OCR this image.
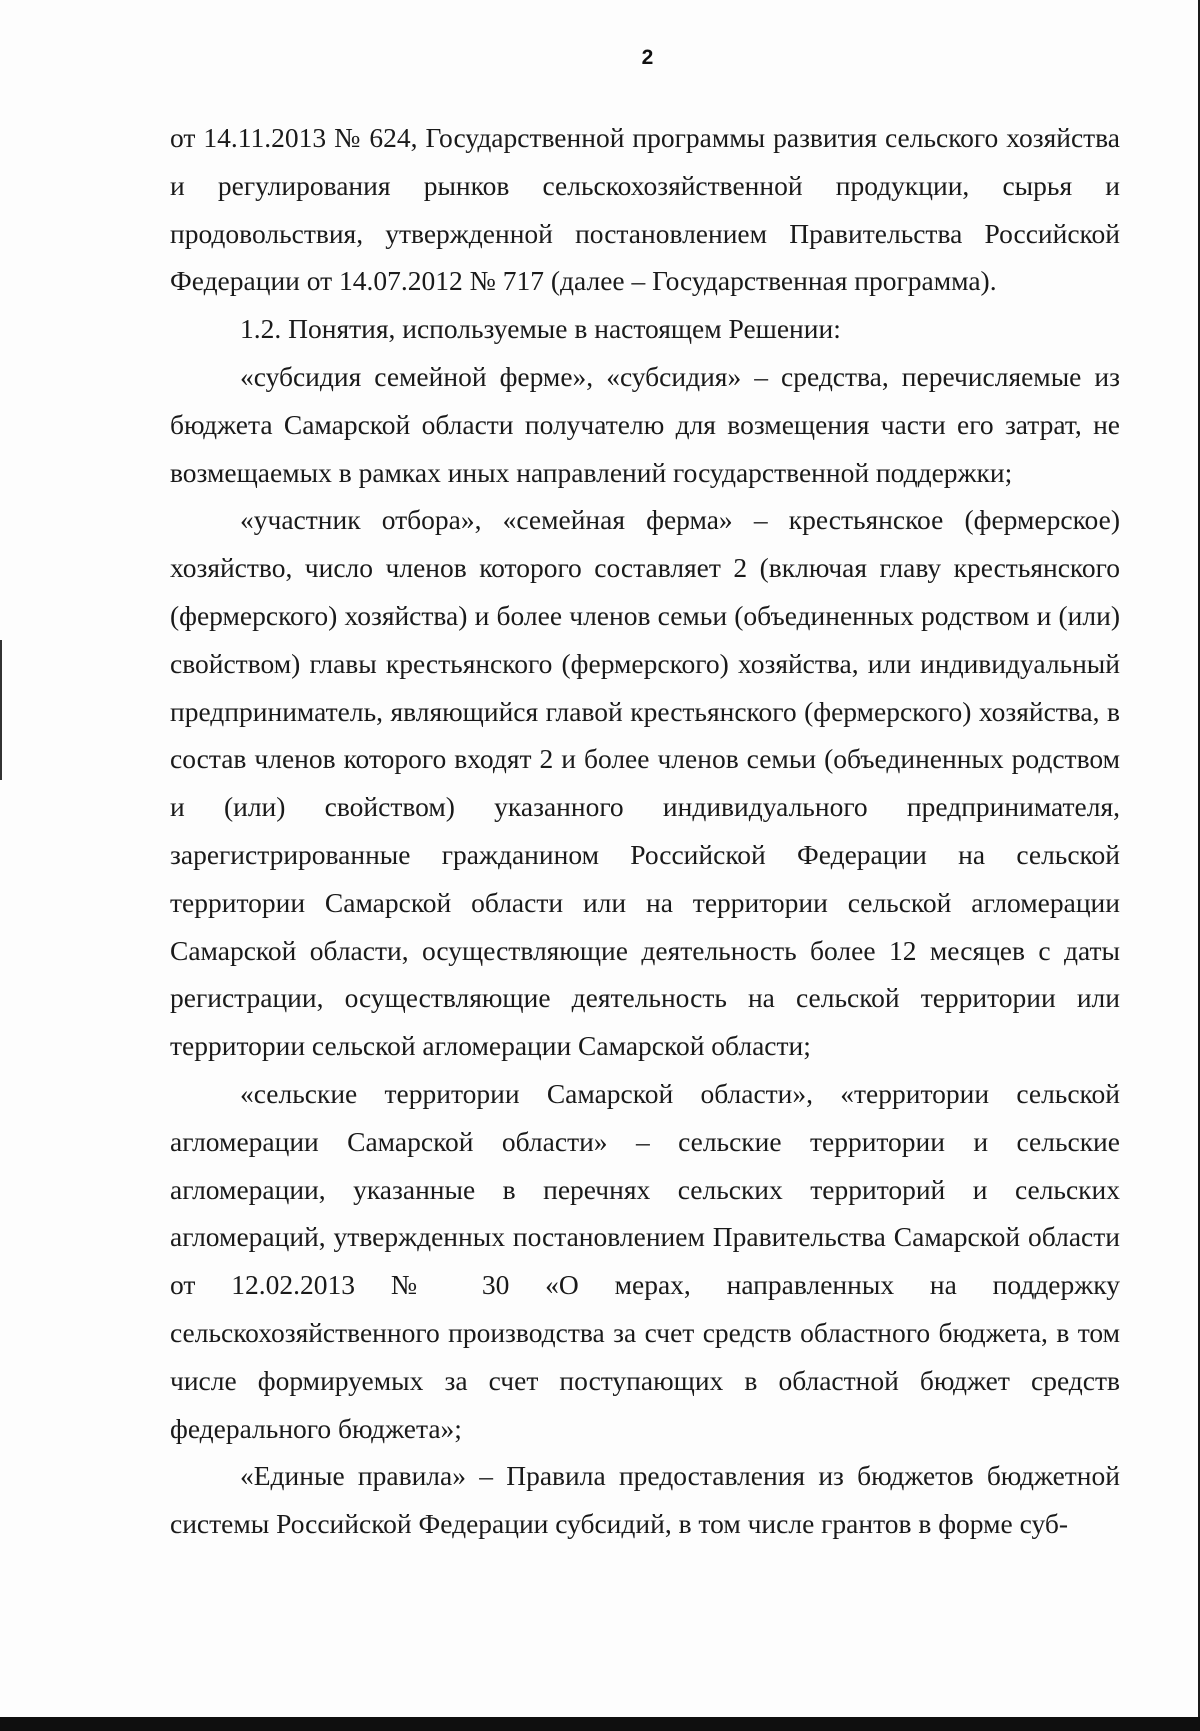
2

от 14.11.2013 № 624, Государственной программы развития сельского хозяйства и регулирования рынков сельскохозяйственной продукции, сырья и продовольствия, утвержденной постановлением Правительства Российской Федерации от 14.07.2012 № 717 (далее – Государственная программа).

1.2. Понятия, используемые в настоящем Решении:

«субсидия семейной ферме», «субсидия» – средства, перечисляемые из бюджета Самарской области получателю для возмещения части его затрат, не возмещаемых в рамках иных направлений государственной поддержки;

«участник отбора», «семейная ферма» – крестьянское (фермерское) хозяйство, число членов которого составляет 2 (включая главу крестьянского (фермерского) хозяйства) и более членов семьи (объединенных родством и (или) свойством) главы крестьянского (фермерского) хозяйства, или индивидуальный предприниматель, являющийся главой крестьянского (фермерского) хозяйства, в состав членов которого входят 2 и более членов семьи (объединенных родством и (или) свойством) указанного индивидуального предпринимателя, зарегистрированные гражданином Российской Федерации на сельской территории Самарской области или на территории сельской агломерации Самарской области, осуществляющие деятельность более 12 месяцев с даты регистрации, осуществляющие деятельность на сельской территории или территории сельской агломерации Самарской области;

«сельские территории Самарской области», «территории сельской агломерации Самарской области» – сельские территории и сельские агломерации, указанные в перечнях сельских территорий и сельских агломераций, утвержденных постановлением Правительства Самарской области от 12.02.2013 № 30 «О мерах, направленных на поддержку сельскохозяйственного производства за счет средств областного бюджета, в том числе формируемых за счет поступающих в областной бюджет средств федерального бюджета»;

«Единые правила» – Правила предоставления из бюджетов бюджетной системы Российской Федерации субсидий, в том числе грантов в форме суб-
